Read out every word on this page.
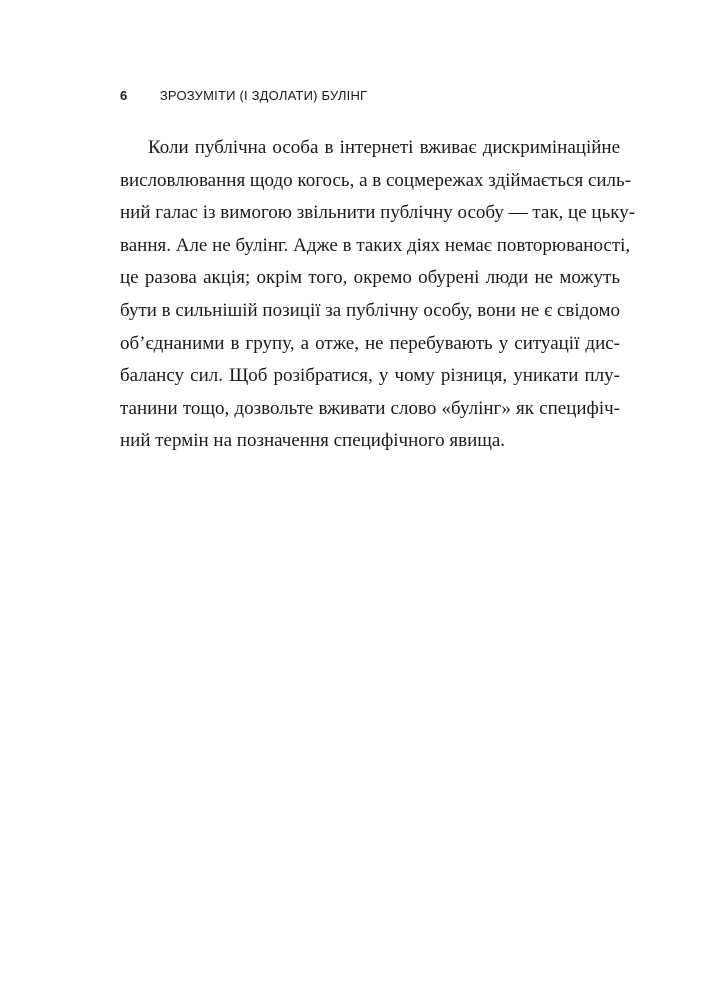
6 ЗРОЗУМІТИ (І ЗДОЛАТИ) БУЛІНГ
Коли публічна особа в інтернеті вживає дискримінаційне
висловлювання щодо когось, а в соцмережах здіймається силь-
ний галас із вимогою звільнити публічну особу — так, це цьку-
вання. Але не булінг. Адже в таких діях немає повторюваності,
це разова акція; окрім того, окремо обурені люди не можуть
бути в сильнішій позиції за публічну особу, вони не є свідомо
об’єднаними в групу, а отже, не перебувають у ситуації дис-
балансу сил. Щоб розібратися, у чому різниця, уникати плу-
танини тощо, дозвольте вживати слово «булінг» як специфіч-
ний термін на позначення специфічного явища.
